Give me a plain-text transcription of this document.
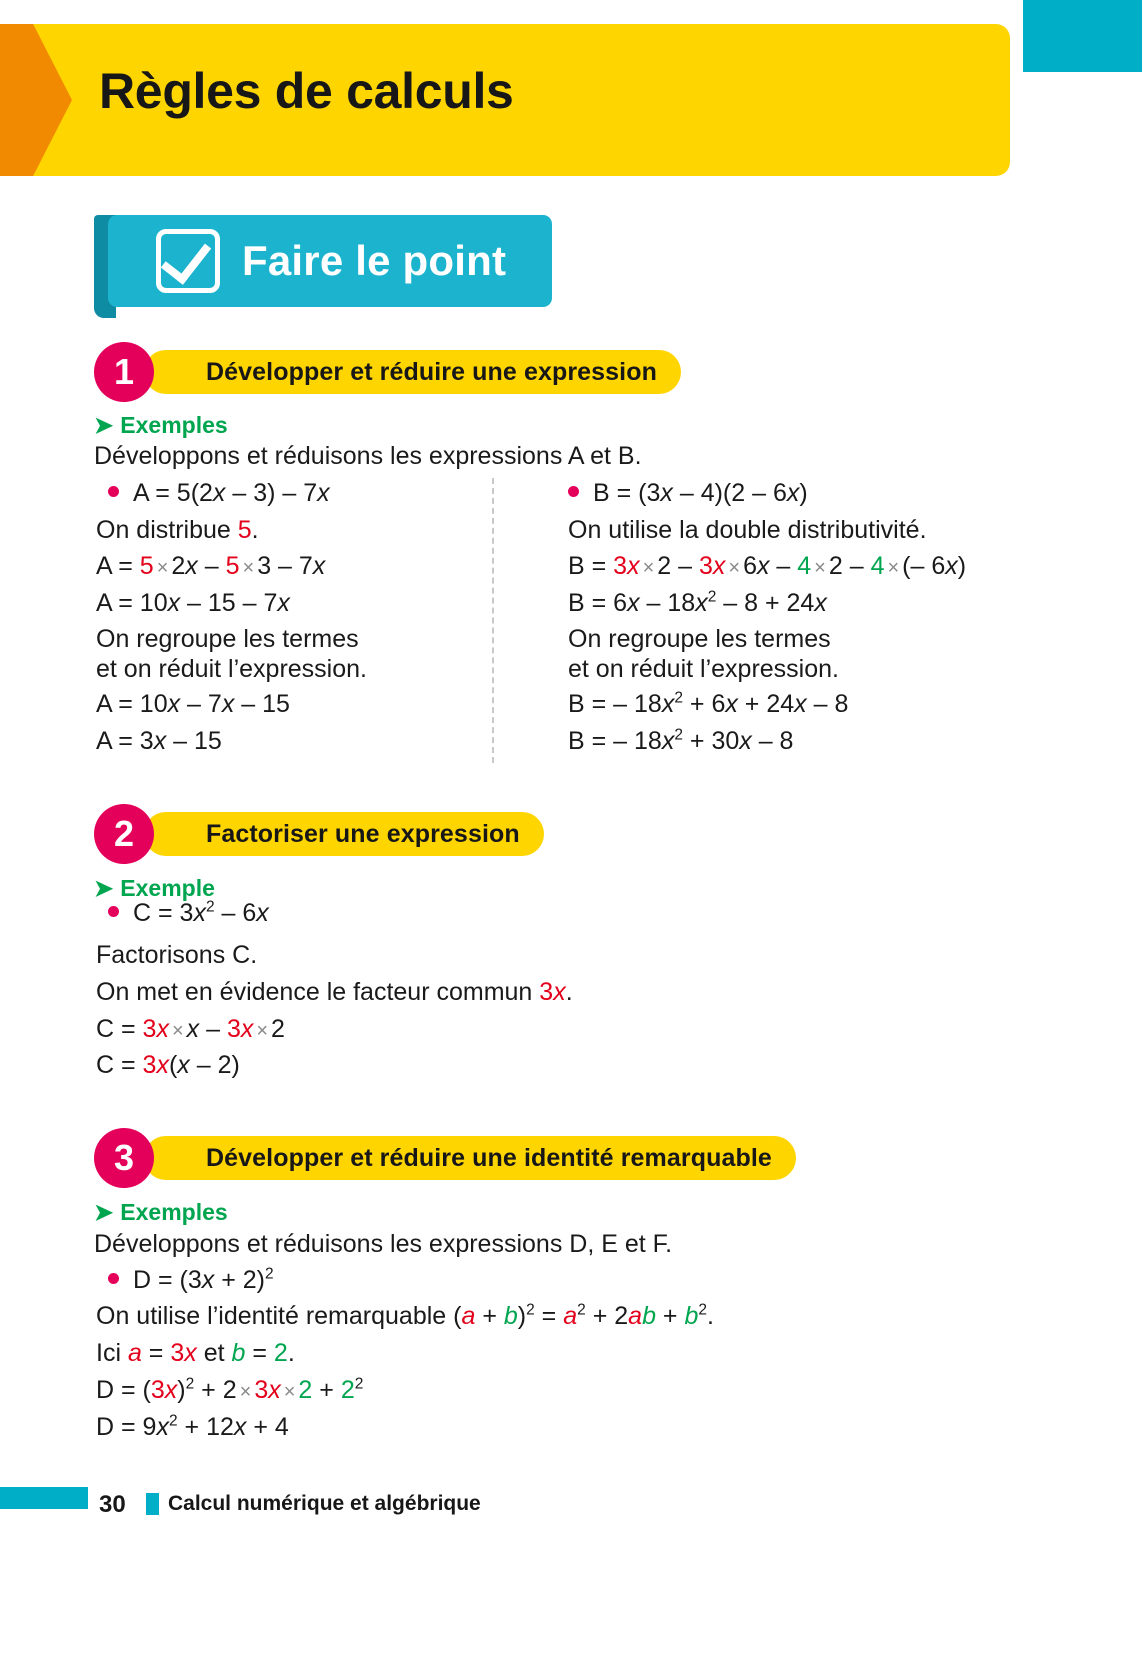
Règles de calculs
Faire le point
Développer et réduire une expression
1
➤ Exemples
Développons et réduisons les expressions A et B.
A = 5(2x – 3) – 7x
On distribue 5.
A = 5 × 2x – 5 × 3 – 7x
A = 10x – 15 – 7x
On regroupe les termes
et on réduit l’expression.
A = 10x – 7x – 15
A = 3x – 15
B = (3x – 4)(2 – 6x)
On utilise la double distributivité.
B = 3x × 2 – 3x × 6x – 4 × 2 – 4 × (– 6x)
$B = 6x - 18x^2 - 8 + 24x$
On regroupe les termes
et on réduit l’expression.
B = – $18x^2 + 6x + 24x - 8$
B = – $18x^2 + 30x - 8$
Factoriser une expression
2
➤ Exemple
$C = 3x^2 - 6x$
Factorisons C.
On met en évidence le facteur commun 3x.
C = 3x × x – 3x × 2
C = 3x(x – 2)
Développer et réduire une identité remarquable
3
➤ Exemples
Développons et réduisons les expressions D, E et F.
$D = (3x + 2)^2$
On utilise l’identité remarquable $(a + b)^2 = a^2 + 2ab + b^2$.
Ici a = 3x et b = 2.
$D = (3x)^2 + 2 \times 3x \times 2 + 2^2$
$D = 9x^2 + 12x + 4$
30 Calcul numérique et algébrique
